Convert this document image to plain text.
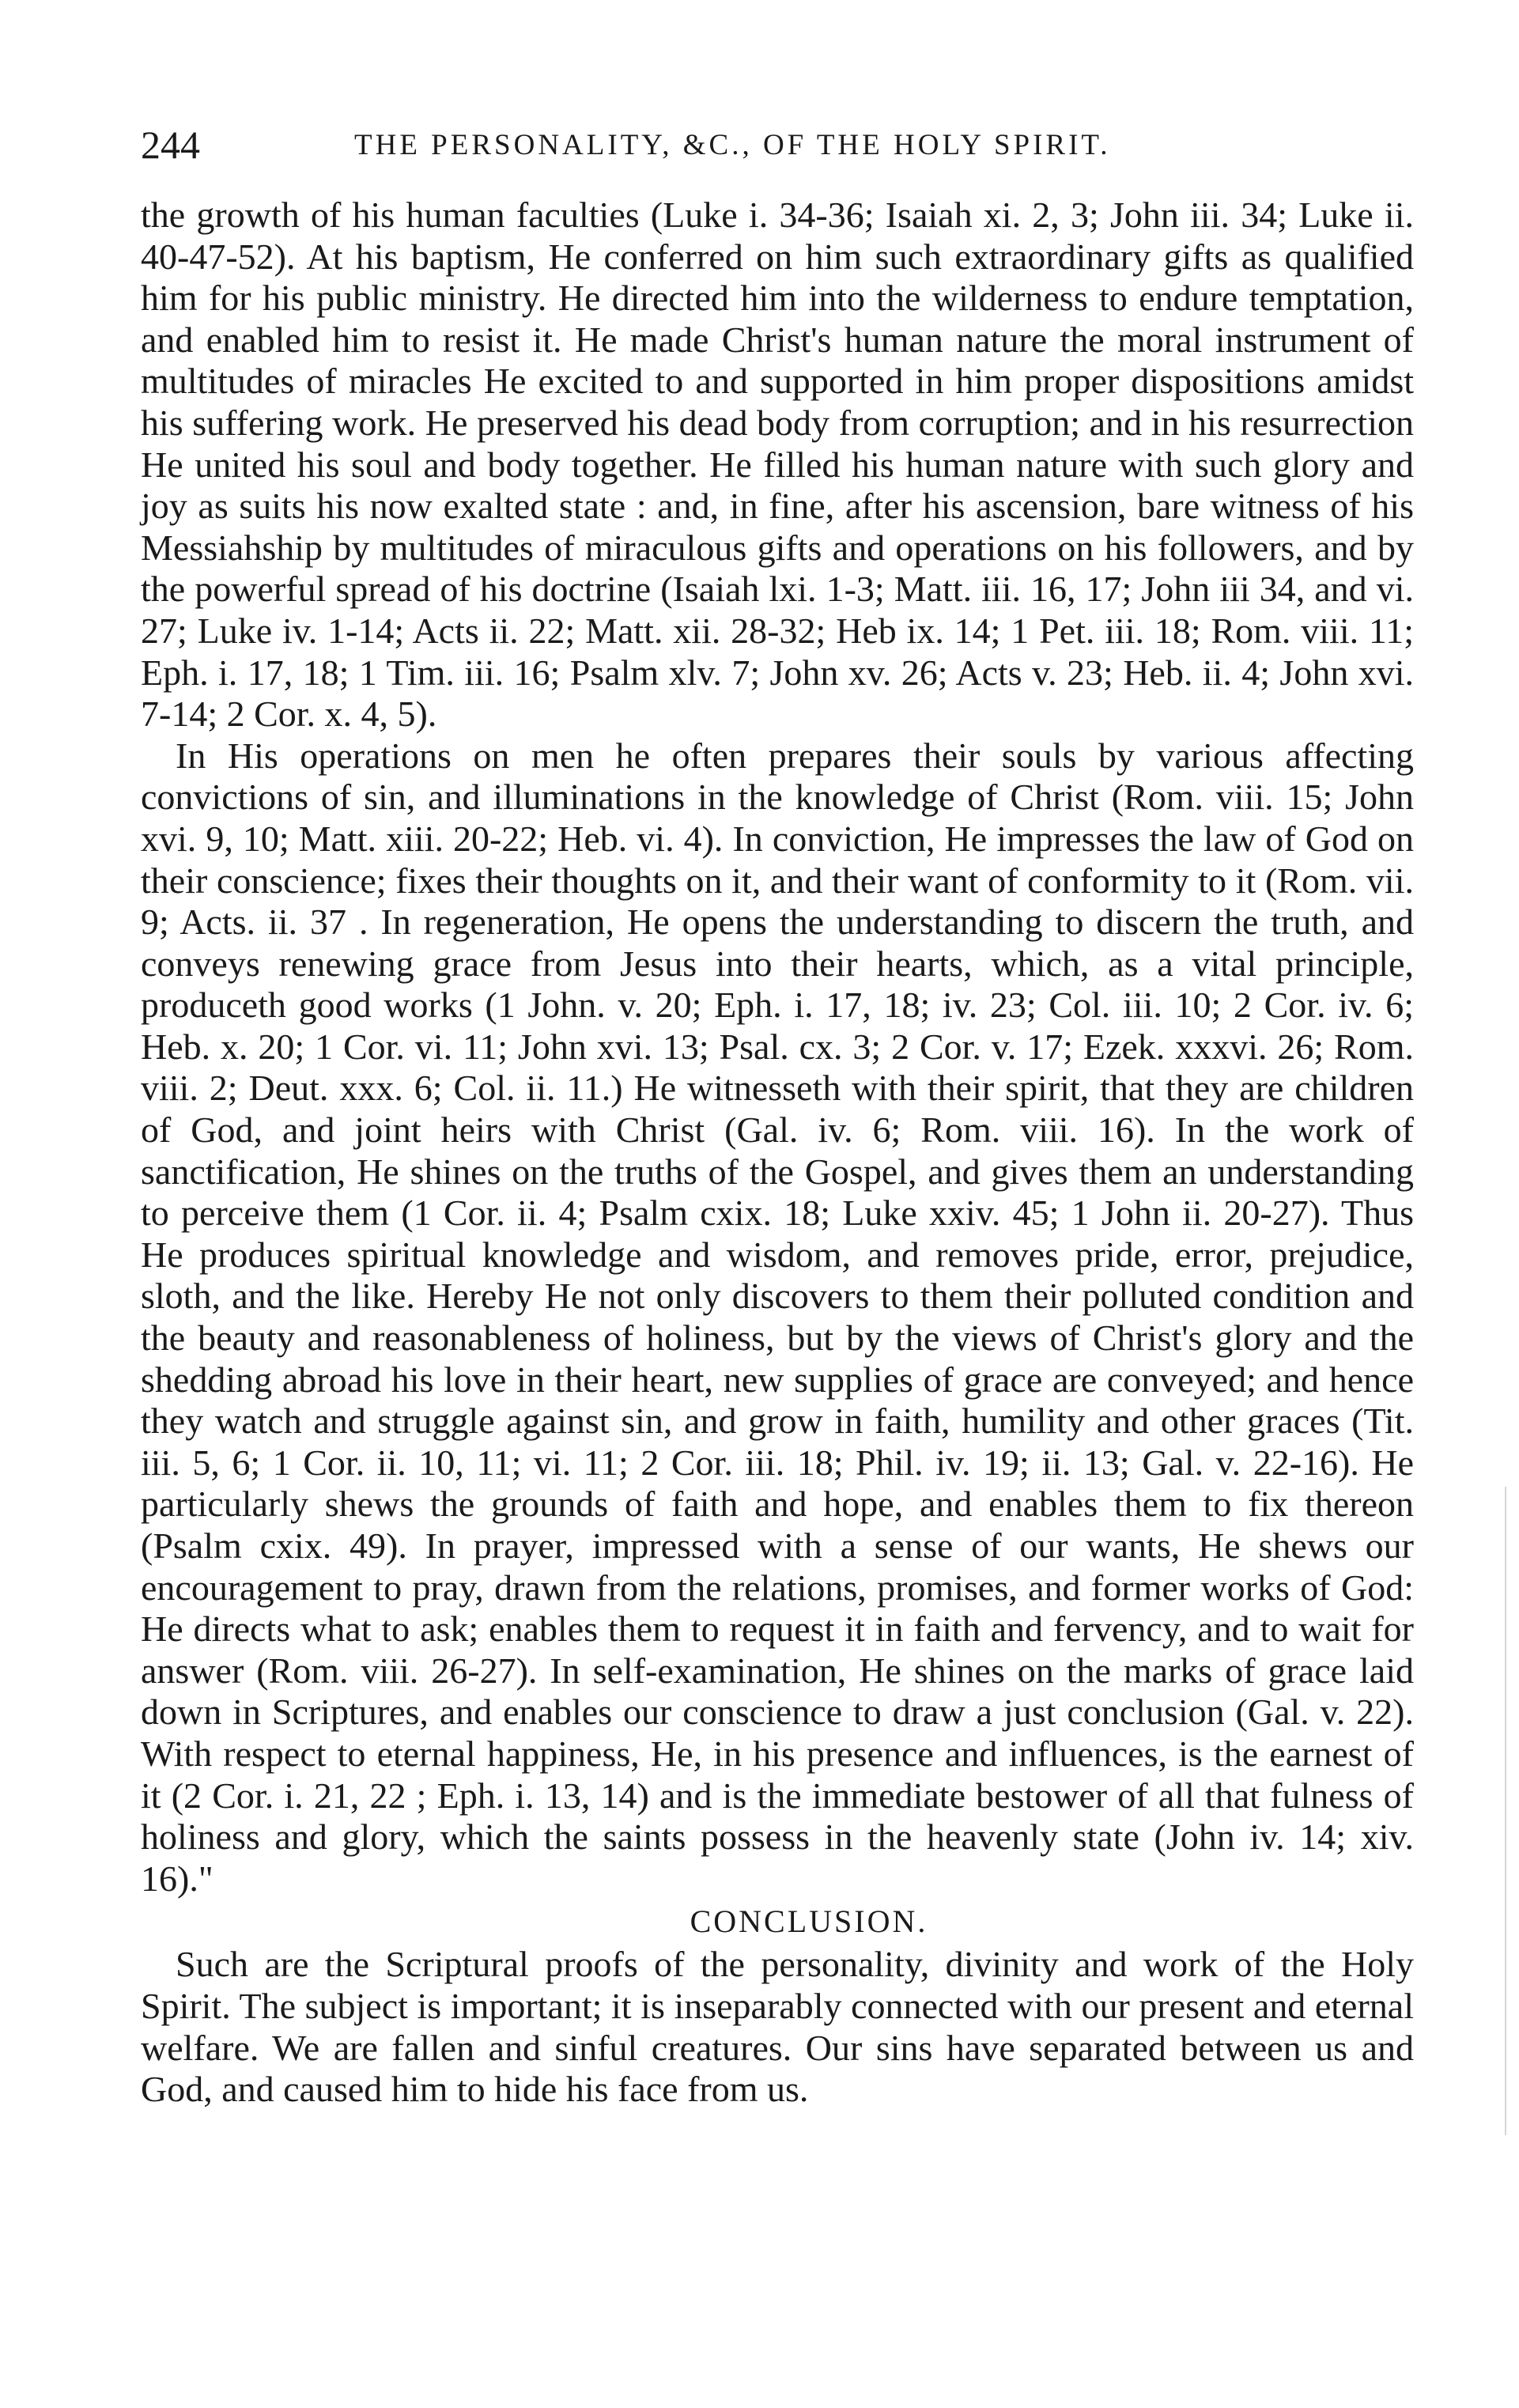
244	THE PERSONALITY, &C., OF THE HOLY SPIRIT.

the growth of his human faculties (Luke i. 34-36; Isaiah xi. 2, 3; John iii. 34; Luke ii. 40-47-52). At his baptism, He conferred on him such extraordinary gifts as qualified him for his public ministry. He directed him into the wilderness to endure temptation, and enabled him to resist it. He made Christ's human nature the moral instrument of multitudes of miracles He excited to and supported in him proper dispositions amidst his suffering work. He preserved his dead body from corruption; and in his resurrection He united his soul and body together. He filled his human nature with such glory and joy as suits his now exalted state : and, in fine, after his ascension, bare witness of his Messiahship by multitudes of miraculous gifts and operations on his followers, and by the powerful spread of his doctrine (Isaiah lxi. 1-3; Matt. iii. 16, 17; John iii 34, and vi. 27; Luke iv. 1-14; Acts ii. 22; Matt. xii. 28-32; Heb ix. 14; 1 Pet. iii. 18; Rom. viii. 11; Eph. i. 17, 18; 1 Tim. iii. 16; Psalm xlv. 7; John xv. 26; Acts v. 23; Heb. ii. 4; John xvi. 7-14; 2 Cor. x. 4, 5).

In His operations on men he often prepares their souls by various affecting convictions of sin, and illuminations in the knowledge of Christ (Rom. viii. 15; John xvi. 9, 10; Matt. xiii. 20-22; Heb. vi. 4). In conviction, He impresses the law of God on their conscience; fixes their thoughts on it, and their want of conformity to it (Rom. vii. 9; Acts. ii. 37 . In regeneration, He opens the understanding to discern the truth, and conveys renewing grace from Jesus into their hearts, which, as a vital principle, produceth good works (1 John. v. 20; Eph. i. 17, 18; iv. 23; Col. iii. 10; 2 Cor. iv. 6; Heb. x. 20; 1 Cor. vi. 11; John xvi. 13; Psal. cx. 3; 2 Cor. v. 17; Ezek. xxxvi. 26; Rom. viii. 2; Deut. xxx. 6; Col. ii. 11.) He witnesseth with their spirit, that they are children of God, and joint heirs with Christ (Gal. iv. 6; Rom. viii. 16). In the work of sanctification, He shines on the truths of the Gospel, and gives them an understanding to perceive them (1 Cor. ii. 4; Psalm cxix. 18; Luke xxiv. 45; 1 John ii. 20-27). Thus He produces spiritual knowledge and wisdom, and removes pride, error, prejudice, sloth, and the like. Hereby He not only discovers to them their polluted condition and the beauty and reasonableness of holiness, but by the views of Christ's glory and the shedding abroad his love in their heart, new supplies of grace are conveyed; and hence they watch and struggle against sin, and grow in faith, humility and other graces (Tit. iii. 5, 6; 1 Cor. ii. 10, 11; vi. 11; 2 Cor. iii. 18; Phil. iv. 19; ii. 13; Gal. v. 22-16). He particularly shews the grounds of faith and hope, and enables them to fix thereon (Psalm cxix. 49). In prayer, impressed with a sense of our wants, He shews our encouragement to pray, drawn from the relations, promises, and former works of God: He directs what to ask; enables them to request it in faith and fervency, and to wait for answer (Rom. viii. 26-27). In self-examination, He shines on the marks of grace laid down in Scriptures, and enables our conscience to draw a just conclusion (Gal. v. 22). With respect to eternal happiness, He, in his presence and influences, is the earnest of it (2 Cor. i. 21, 22 ; Eph. i. 13, 14) and is the immediate bestower of all that fulness of holiness and glory, which the saints possess in the heavenly state (John iv. 14; xiv. 16)."

CONCLUSION.

Such are the Scriptural proofs of the personality, divinity and work of the Holy Spirit. The subject is important; it is inseparably connected with our present and eternal welfare. We are fallen and sinful creatures. Our sins have separated between us and God, and caused him to hide his face from us.
